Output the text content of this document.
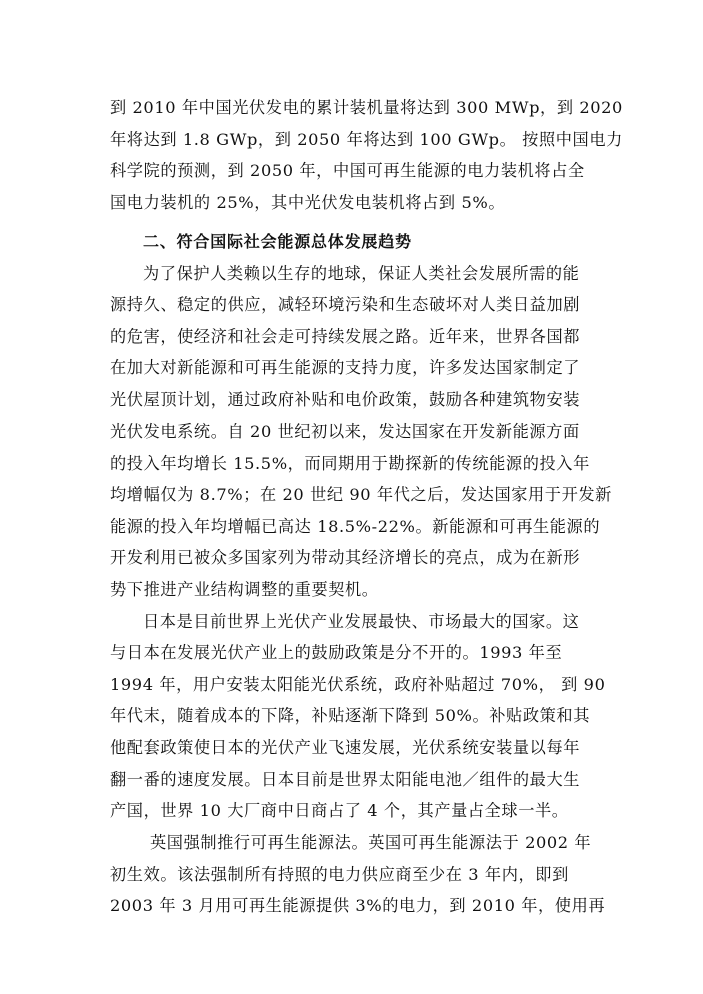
到 2010 年中国光伏发电的累计装机量将达到 300 MWp，到 2020
年将达到 1.8 GWp，到 2050 年将达到 100 GWp。 按照中国电力
科学院的预测，到 2050 年，中国可再生能源的电力装机将占全
国电力装机的 25%，其中光伏发电装机将占到 5%。
二、符合国际社会能源总体发展趋势
为了保护人类赖以生存的地球，保证人类社会发展所需的能
源持久、稳定的供应，减轻环境污染和生态破坏对人类日益加剧
的危害，使经济和社会走可持续发展之路。近年来，世界各国都
在加大对新能源和可再生能源的支持力度，许多发达国家制定了
光伏屋顶计划，通过政府补贴和电价政策，鼓励各种建筑物安装
光伏发电系统。自 20 世纪初以来，发达国家在开发新能源方面
的投入年均增长 15.5%，而同期用于勘探新的传统能源的投入年
均增幅仅为 8.7%；在 20 世纪 90 年代之后，发达国家用于开发新
能源的投入年均增幅已高达 18.5%-22%。新能源和可再生能源的
开发利用已被众多国家列为带动其经济增长的亮点，成为在新形
势下推进产业结构调整的重要契机。
日本是目前世界上光伏产业发展最快、市场最大的国家。这
与日本在发展光伏产业上的鼓励政策是分不开的。1993 年至
1994 年，用户安装太阳能光伏系统，政府补贴超过 70%， 到 90
年代末，随着成本的下降，补贴逐渐下降到 50%。补贴政策和其
他配套政策使日本的光伏产业飞速发展，光伏系统安装量以每年
翻一番的速度发展。日本目前是世界太阳能电池／组件的最大生
产国，世界 10 大厂商中日商占了 4 个，其产量占全球一半。
英国强制推行可再生能源法。英国可再生能源法于 2002 年
初生效。该法强制所有持照的电力供应商至少在 3 年内，即到
2003 年 3 月用可再生能源提供 3%的电力，到 2010 年，使用再
